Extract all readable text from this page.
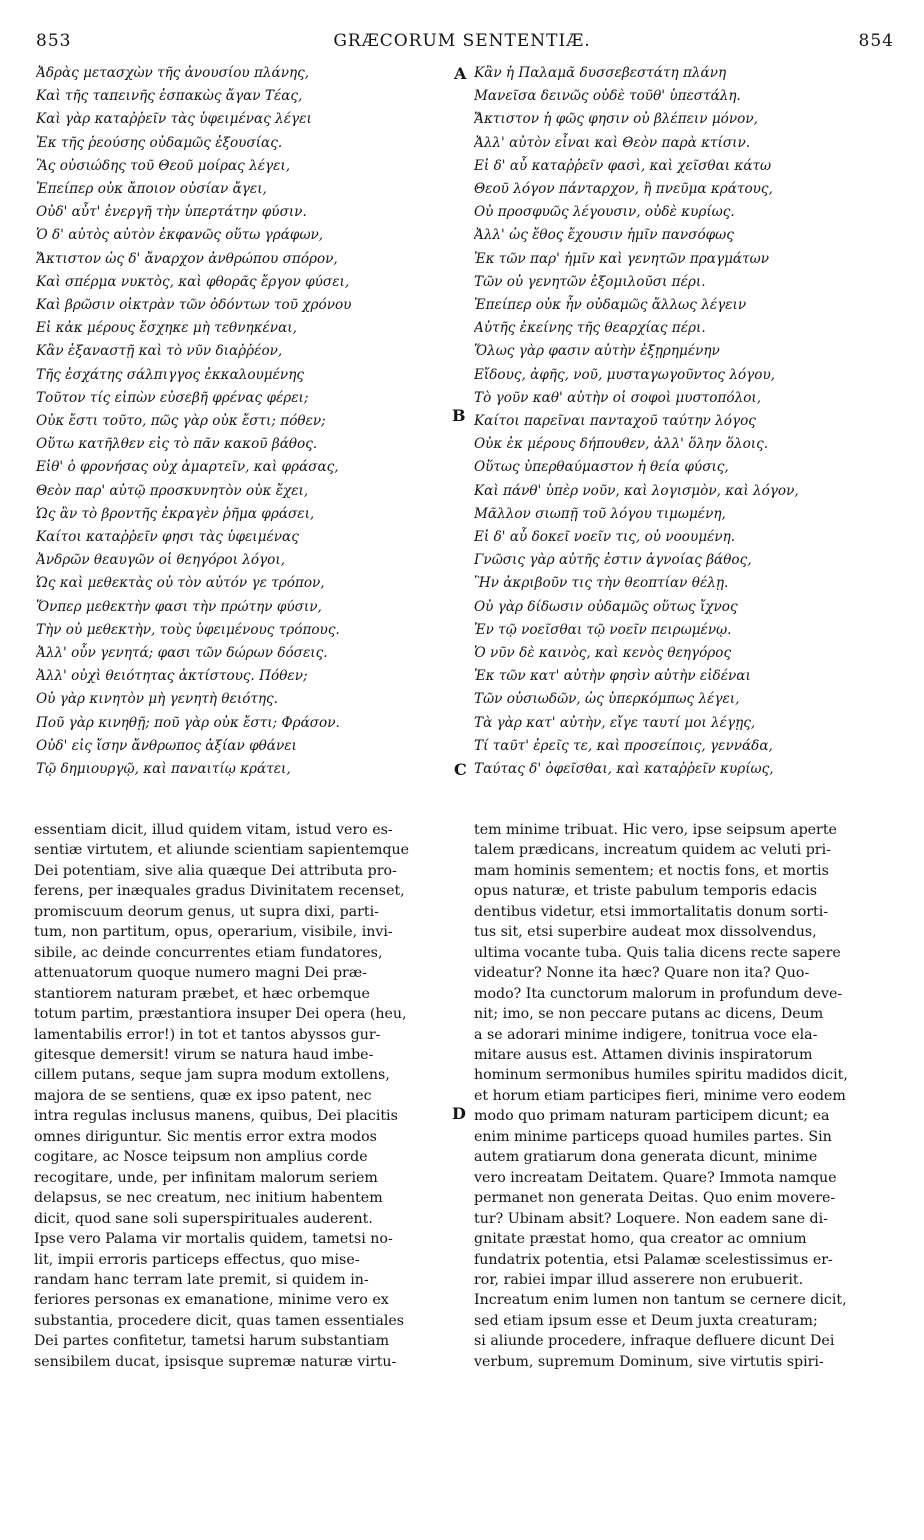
853	GRÆCORUM SENTENTIÆ.	854
A
B
C
D
Ἀδρὰς μετασχὼν τῆς ἀνουσίου πλάνης,
Καὶ τῆς ταπεινῆς ἐσπακὼς ἄγαν Τέας,
Καὶ γὰρ καταῤῥεῖν τὰς ὑφειμένας λέγει
Ἐκ τῆς ῥεούσης οὐδαμῶς ἐξουσίας.
Ἃς οὐσιώδης τοῦ Θεοῦ μοίρας λέγει,
Ἐπείπερ οὐκ ἄποιον οὐσίαν ἄγει,
Οὐδ' αὖτ' ἐνεργῆ τὴν ὑπερτάτην φύσιν.
Ὁ δ' αὐτὸς αὐτὸν ἐκφανῶς οὕτω γράφων,
Ἄκτιστον ὡς δ' ἄναρχον ἀνθρώπου σπόρον,
Καὶ σπέρμα νυκτὸς, καὶ φθορᾶς ἔργον φύσει,
Καὶ βρῶσιν οἰκτρὰν τῶν ὀδόντων τοῦ χρόνου
Εἰ κἀκ μέρους ἔσχηκε μὴ τεθνηκέναι,
Κἂν ἐξαναστῇ καὶ τὸ νῦν διαῤῥέον,
Τῆς ἐσχάτης σάλπιγγος ἐκκαλουμένης
Τοῦτον τίς εἰπὼν εὐσεβῆ φρένας φέρει;
Οὐκ ἔστι τοῦτο, πῶς γὰρ οὐκ ἔστι; πόθεν;
Οὕτω κατῆλθεν εἰς τὸ πᾶν κακοῦ βάθος.
Εἰθ' ὁ φρονήσας οὐχ ἁμαρτεῖν, καὶ φράσας,
Θεὸν παρ' αὐτῷ προσκυνητὸν οὐκ ἔχει,
Ὡς ἂν τὸ βροντῆς ἐκραγὲν ῥῆμα φράσει,
Καίτοι καταῤῥεῖν φησι τὰς ὑφειμένας
Ἀνδρῶν θεαυγῶν οἱ θεηγόροι λόγοι,
Ὡς καὶ μεθεκτὰς οὐ τὸν αὐτόν γε τρόπον,
Ὅνπερ μεθεκτὴν φασι τὴν πρώτην φύσιν,
Τὴν οὐ μεθεκτὴν, τοὺς ὑφειμένους τρόπους.
Ἀλλ' οὖν γενητά; φασι τῶν δώρων δόσεις.
Ἀλλ' οὐχὶ θειότητας ἀκτίστους. Πόθεν;
Οὐ γὰρ κινητὸν μὴ γενητὴ θειότης.
Ποῦ γὰρ κινηθῇ; ποῦ γὰρ οὐκ ἔστι; Φράσον.
Οὐδ' εἰς ἴσην ἄνθρωπος ἀξίαν φθάνει
Τῷ δημιουργῷ, καὶ παναιτίῳ κράτει,
Κἂν ἡ Παλαμᾶ δυσσεβεστάτη πλάνη
Μανεῖσα δεινῶς οὐδὲ τοῦθ' ὑπεστάλη.
Ἄκτιστον ἡ φῶς φησιν οὐ βλέπειν μόνον,
Ἀλλ' αὐτὸν εἶναι καὶ Θεὸν παρὰ κτίσιν.
Εἰ δ' αὖ καταῤῥεῖν φασὶ, καὶ χεῖσθαι κάτω
Θεοῦ λόγον πάνταρχον, ἢ πνεῦμα κράτους,
Οὐ προσφυῶς λέγουσιν, οὐδὲ κυρίως.
Ἀλλ' ὡς ἔθος ἔχουσιν ἡμῖν πανσόφως
Ἐκ τῶν παρ' ἡμῖν καὶ γενητῶν πραγμάτων
Τῶν οὐ γενητῶν ἐξομιλοῦσι πέρι.
Ἐπείπερ οὐκ ἦν οὐδαμῶς ἄλλως λέγειν
Αὐτῆς ἐκείνης τῆς θεαρχίας πέρι.
Ὅλως γὰρ φασιν αὐτὴν ἐξῃρημένην
Εἴδους, ἀφῆς, νοῦ, μυσταγωγοῦντος λόγου,
Τὸ γοῦν καθ' αὐτὴν οἱ σοφοὶ μυστοπόλοι,
Καίτοι παρεῖναι πανταχοῦ ταύτην λόγος
Οὐκ ἐκ μέρους δήπουθεν, ἀλλ' ὅλην ὅλοις.
Οὕτως ὑπερθαύμαστον ἡ θεία φύσις,
Καὶ πάνθ' ὑπὲρ νοῦν, καὶ λογισμὸν, καὶ λόγον,
Μᾶλλον σιωπῇ τοῦ λόγου τιμωμένη,
Εἰ δ' αὖ δοκεῖ νοεῖν τις, οὐ νοουμένη.
Γνῶσις γὰρ αὐτῆς ἐστιν ἀγνοίας βάθος,
Ἣν ἀκριβοῦν τις τὴν θεοπτίαν θέλῃ.
Οὐ γὰρ δίδωσιν οὐδαμῶς οὕτως ἴχνος
Ἐν τῷ νοεῖσθαι τῷ νοεῖν πειρωμένῳ.
Ὁ νῦν δὲ καινὸς, καὶ κενὸς θεηγόρος
Ἐκ τῶν κατ' αὐτὴν φησὶν αὐτὴν εἰδέναι
Τῶν οὐσιωδῶν, ὡς ὑπερκόμπως λέγει,
Τὰ γὰρ κατ' αὐτὴν, εἴγε ταυτί μοι λέγῃς,
Τί ταῦτ' ἐρεῖς τε, καὶ προσείποις, γεννάδα,
Ταύτας δ' ὀφεῖσθαι, καὶ καταῤῥεῖν κυρίως,
essentiam dicit, illud quidem vitam, istud vero es-
sentiæ virtutem, et aliunde scientiam sapientemque
Dei potentiam, sive alia quæque Dei attributa pro-
ferens, per inæquales gradus Divinitatem recenset,
promiscuum deorum genus, ut supra dixi, parti-
tum, non partitum, opus, operarium, visibile, invi-
sibile, ac deinde concurrentes etiam fundatores,
attenuatorum quoque numero magni Dei præ-
stantiorem naturam præbet, et hæc orbemque
totum partim, præstantiora insuper Dei opera (heu,
lamentabilis error!) in tot et tantos abyssos gur-
gitesque demersit! virum se natura haud imbe-
cillem putans, seque jam supra modum extollens,
majora de se sentiens, quæ ex ipso patent, nec
intra regulas inclusus manens, quibus, Dei placitis
omnes diriguntur. Sic mentis error extra modos
cogitare, ac Nosce teipsum non amplius corde
recogitare, unde, per infinitam malorum seriem
delapsus, se nec creatum, nec initium habentem
dicit, quod sane soli superspirituales auderent.
Ipse vero Palama vir mortalis quidem, tametsi no-
lit, impii erroris particeps effectus, quo mise-
randam hanc terram late premit, si quidem in-
feriores personas ex emanatione, minime vero ex
substantia, procedere dicit, quas tamen essentiales
Dei partes confitetur, tametsi harum substantiam
sensibilem ducat, ipsisque supremæ naturæ virtu-
tem minime tribuat. Hic vero, ipse seipsum aperte
talem prædicans, increatum quidem ac veluti pri-
mam hominis sementem; et noctis fons, et mortis
opus naturæ, et triste pabulum temporis edacis
dentibus videtur, etsi immortalitatis donum sorti-
tus sit, etsi superbire audeat mox dissolvendus,
ultima vocante tuba. Quis talia dicens recte sapere
videatur? Nonne ita hæc? Quare non ita? Quo-
modo? Ita cunctorum malorum in profundum deve-
nit; imo, se non peccare putans ac dicens, Deum
a se adorari minime indigere, tonitrua voce ela-
mitare ausus est. Attamen divinis inspiratorum
hominum sermonibus humiles spiritu madidos dicit,
et horum etiam participes fieri, minime vero eodem
modo quo primam naturam participem dicunt; ea
enim minime particeps quoad humiles partes. Sin
autem gratiarum dona generata dicunt, minime
vero increatam Deitatem. Quare? Immota namque
permanet non generata Deitas. Quo enim movere-
tur? Ubinam absit? Loquere. Non eadem sane di-
gnitate præstat homo, qua creator ac omnium
fundatrix potentia, etsi Palamæ scelestissimus er-
ror, rabiei impar illud asserere non erubuerit.
Increatum enim lumen non tantum se cernere dicit,
sed etiam ipsum esse et Deum juxta creaturam;
si aliunde procedere, infraque defluere dicunt Dei
verbum, supremum Dominum, sive virtutis spiri-
